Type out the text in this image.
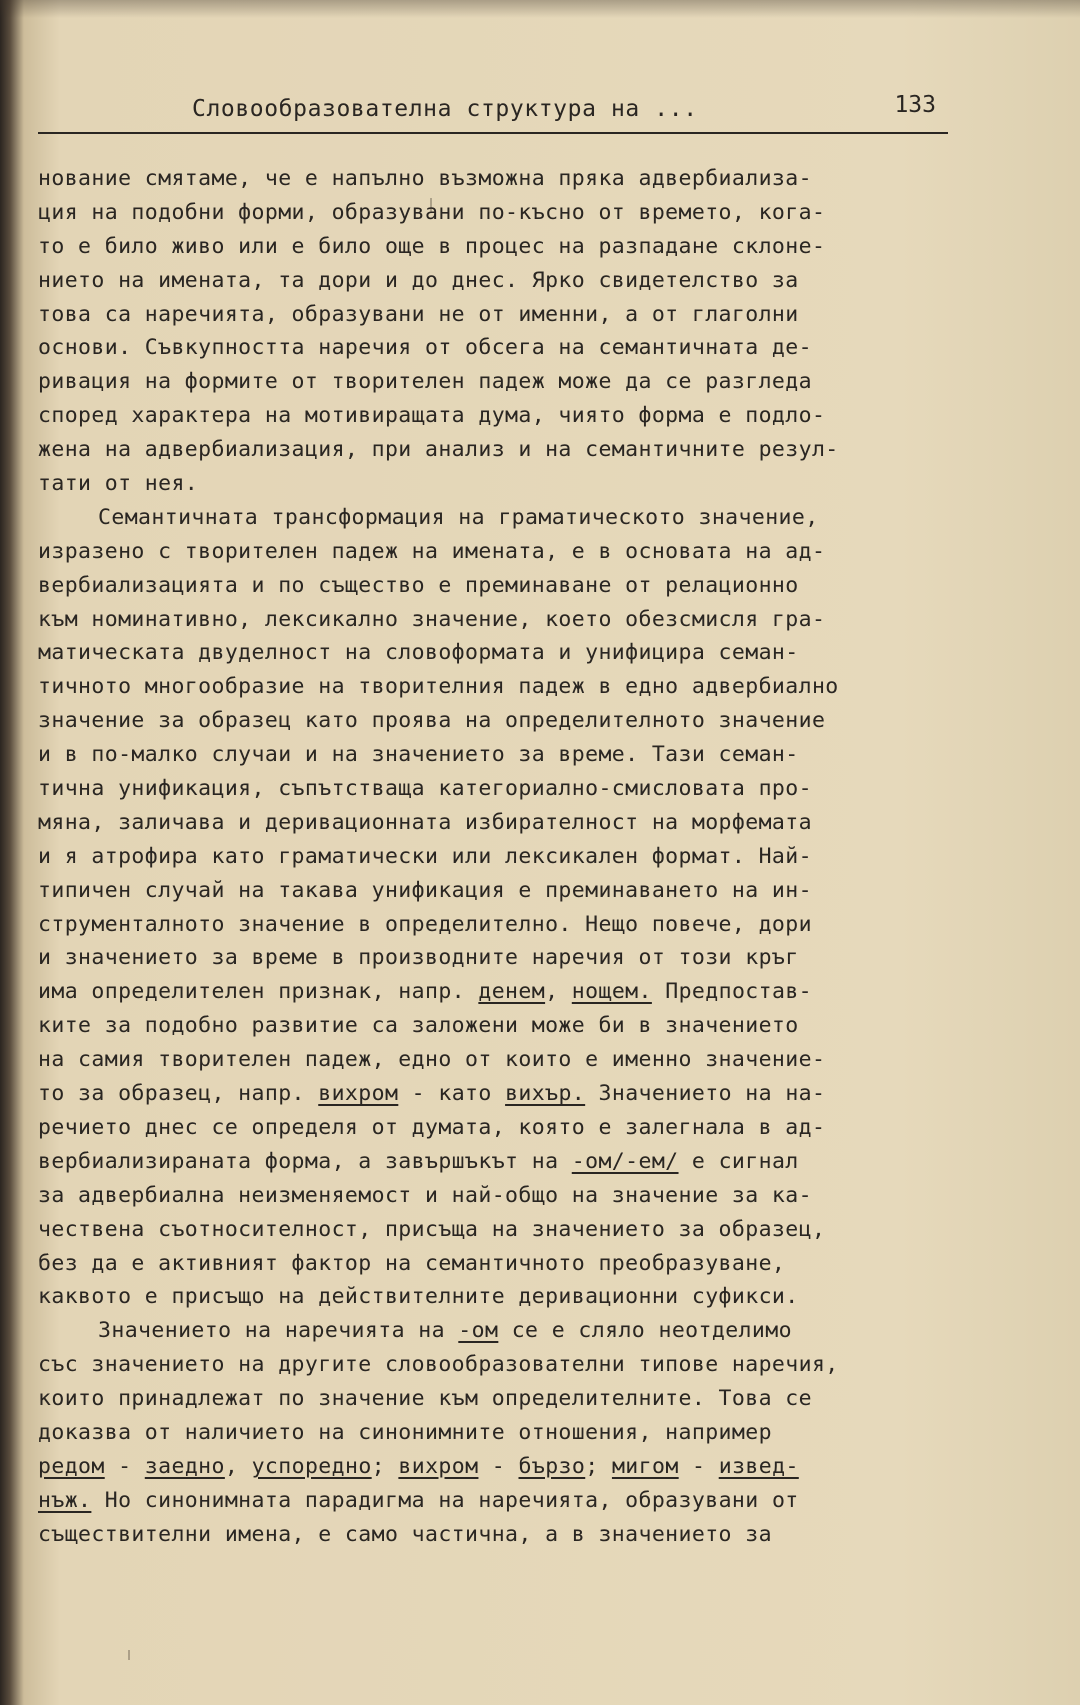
Словообразователна структура на ...	133
нование смятаме, че е напълно възможна пряка адвербиализа-
ция на подобни форми, образувани по-късно от времето, кога-
то е било живо или е било още в процес на разпадане склоне-
нието на имената, та дори и до днес. Ярко свидетелство за
това са наречията, образувани не от именни, а от глаголни
основи. Съвкупността наречия от обсега на семантичната де-
ривация на формите от творителен падеж може да се разгледа
според характера на мотивиращата дума, чиято форма е подло-
жена на адвербиализация, при анализ и на семантичните резул-
тати от нея.
Семантичната трансформация на граматическото значение,
изразено с творителен падеж на имената, е в основата на ад-
вербиализацията и по същество е преминаване от релационно
към номинативно, лексикално значение, което обезсмисля гра-
матическата двуделност на словоформата и унифицира семан-
тичното многообразие на творителния падеж в едно адвербиално
значение за образец като проява на определителното значение
и в по-малко случаи и на значението за време. Тази семан-
тична унификация, съпътстваща категориално-смисловата про-
мяна, заличава и деривационната избирателност на морфемата
и я атрофира като граматически или лексикален формат. Най-
типичен случай на такава унификация е преминаването на ин-
струменталното значение в определително. Нещо повече, дори
и значението за време в производните наречия от този кръг
има определителен признак, напр. денем, нощем. Предпостав-
ките за подобно развитие са заложени може би в значението
на самия творителен падеж, едно от които е именно значение-
то за образец, напр. вихром - като вихър. Значението на на-
речието днес се определя от думата, която е залегнала в ад-
вербиализираната форма, а завършъкът на -ом/-ем/ е сигнал
за адвербиална неизменяемост и най-общо на значение за ка-
чествена съотносителност, присъща на значението за образец,
без да е активният фактор на семантичното преобразуване,
каквото е присъщо на действителните деривационни суфикси.
Значението на наречията на -ом се е сляло неотделимо
със значението на другите словообразователни типове наречия,
които принадлежат по значение към определителните. Това се
доказва от наличието на синонимните отношения, например
редом - заедно, успоредно; вихром - бързо; мигом - извед-
нъж. Но синонимната парадигма на наречията, образувани от
съществителни имена, е само частична, а в значението за
